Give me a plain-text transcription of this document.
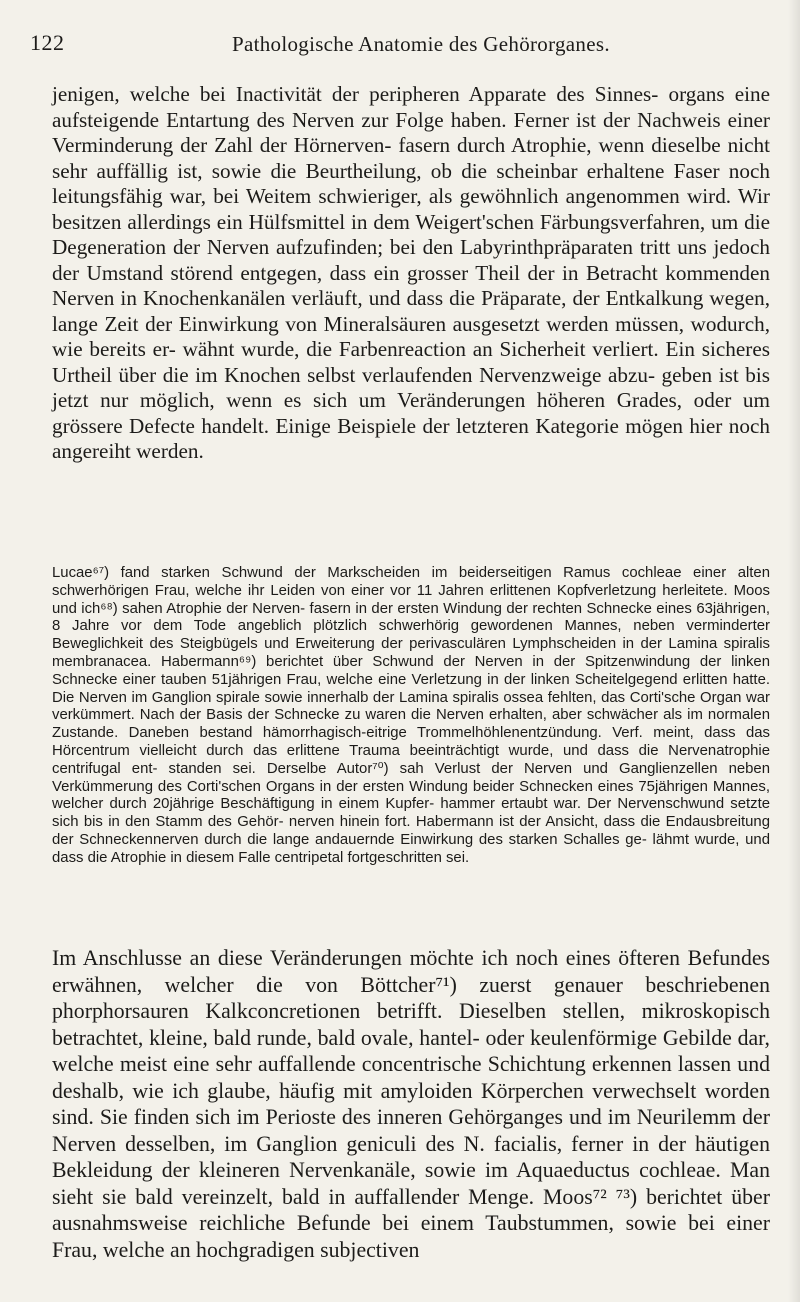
122	Pathologische Anatomie des Gehörorganes.

jenigen, welche bei Inactivität der peripheren Apparate des Sinnes- organs eine aufsteigende Entartung des Nerven zur Folge haben. Ferner ist der Nachweis einer Verminderung der Zahl der Hörnerven- fasern durch Atrophie, wenn dieselbe nicht sehr auffällig ist, sowie die Beurtheilung, ob die scheinbar erhaltene Faser noch leitungsfähig war, bei Weitem schwieriger, als gewöhnlich angenommen wird. Wir besitzen allerdings ein Hülfsmittel in dem Weigert'schen Färbungsverfahren, um die Degeneration der Nerven aufzufinden; bei den Labyrinthpräparaten tritt uns jedoch der Umstand störend entgegen, dass ein grosser Theil der in Betracht kommenden Nerven in Knochenkanälen verläuft, und dass die Präparate, der Entkalkung wegen, lange Zeit der Einwirkung von Mineralsäuren ausgesetzt werden müssen, wodurch, wie bereits er- wähnt wurde, die Farbenreaction an Sicherheit verliert. Ein sicheres Urtheil über die im Knochen selbst verlaufenden Nervenzweige abzu- geben ist bis jetzt nur möglich, wenn es sich um Veränderungen höheren Grades, oder um grössere Defecte handelt. Einige Beispiele der letzteren Kategorie mögen hier noch angereiht werden.

Lucae⁶⁷) fand starken Schwund der Markscheiden im beiderseitigen Ramus cochleae einer alten schwerhörigen Frau, welche ihr Leiden von einer vor 11 Jahren erlittenen Kopfverletzung herleitete. Moos und ich⁶⁸) sahen Atrophie der Nerven- fasern in der ersten Windung der rechten Schnecke eines 63jährigen, 8 Jahre vor dem Tode angeblich plötzlich schwerhörig gewordenen Mannes, neben verminderter Beweglichkeit des Steigbügels und Erweiterung der perivasculären Lymphscheiden in der Lamina spiralis membranacea. Habermann⁶⁹) berichtet über Schwund der Nerven in der Spitzenwindung der linken Schnecke einer tauben 51jährigen Frau, welche eine Verletzung in der linken Scheitelgegend erlitten hatte. Die Nerven im Ganglion spirale sowie innerhalb der Lamina spiralis ossea fehlten, das Corti'sche Organ war verkümmert. Nach der Basis der Schnecke zu waren die Nerven erhalten, aber schwächer als im normalen Zustande. Daneben bestand hämorrhagisch-eitrige Trommelhöhlenentzündung. Verf. meint, dass das Hörcentrum vielleicht durch das erlittene Trauma beeinträchtigt wurde, und dass die Nervenatrophie centrifugal ent- standen sei. Derselbe Autor⁷⁰) sah Verlust der Nerven und Ganglienzellen neben Verkümmerung des Corti'schen Organs in der ersten Windung beider Schnecken eines 75jährigen Mannes, welcher durch 20jährige Beschäftigung in einem Kupfer- hammer ertaubt war. Der Nervenschwund setzte sich bis in den Stamm des Gehör- nerven hinein fort. Habermann ist der Ansicht, dass die Endausbreitung der Schneckennerven durch die lange andauernde Einwirkung des starken Schalles ge- lähmt wurde, und dass die Atrophie in diesem Falle centripetal fortgeschritten sei.

Im Anschlusse an diese Veränderungen möchte ich noch eines öfteren Befundes erwähnen, welcher die von Böttcher⁷¹) zuerst genauer beschriebenen phorphorsauren Kalkconcretionen betrifft. Dieselben stellen, mikroskopisch betrachtet, kleine, bald runde, bald ovale, hantel- oder keulenförmige Gebilde dar, welche meist eine sehr auffallende concentrische Schichtung erkennen lassen und deshalb, wie ich glaube, häufig mit amyloiden Körperchen verwechselt worden sind. Sie finden sich im Perioste des inneren Gehörganges und im Neurilemm der Nerven desselben, im Ganglion geniculi des N. facialis, ferner in der häutigen Bekleidung der kleineren Nervenkanäle, sowie im Aquaeductus cochleae. Man sieht sie bald vereinzelt, bald in auffallender Menge. Moos⁷² ⁷³) berichtet über ausnahmsweise reichliche Befunde bei einem Taubstummen, sowie bei einer Frau, welche an hochgradigen subjectiven
